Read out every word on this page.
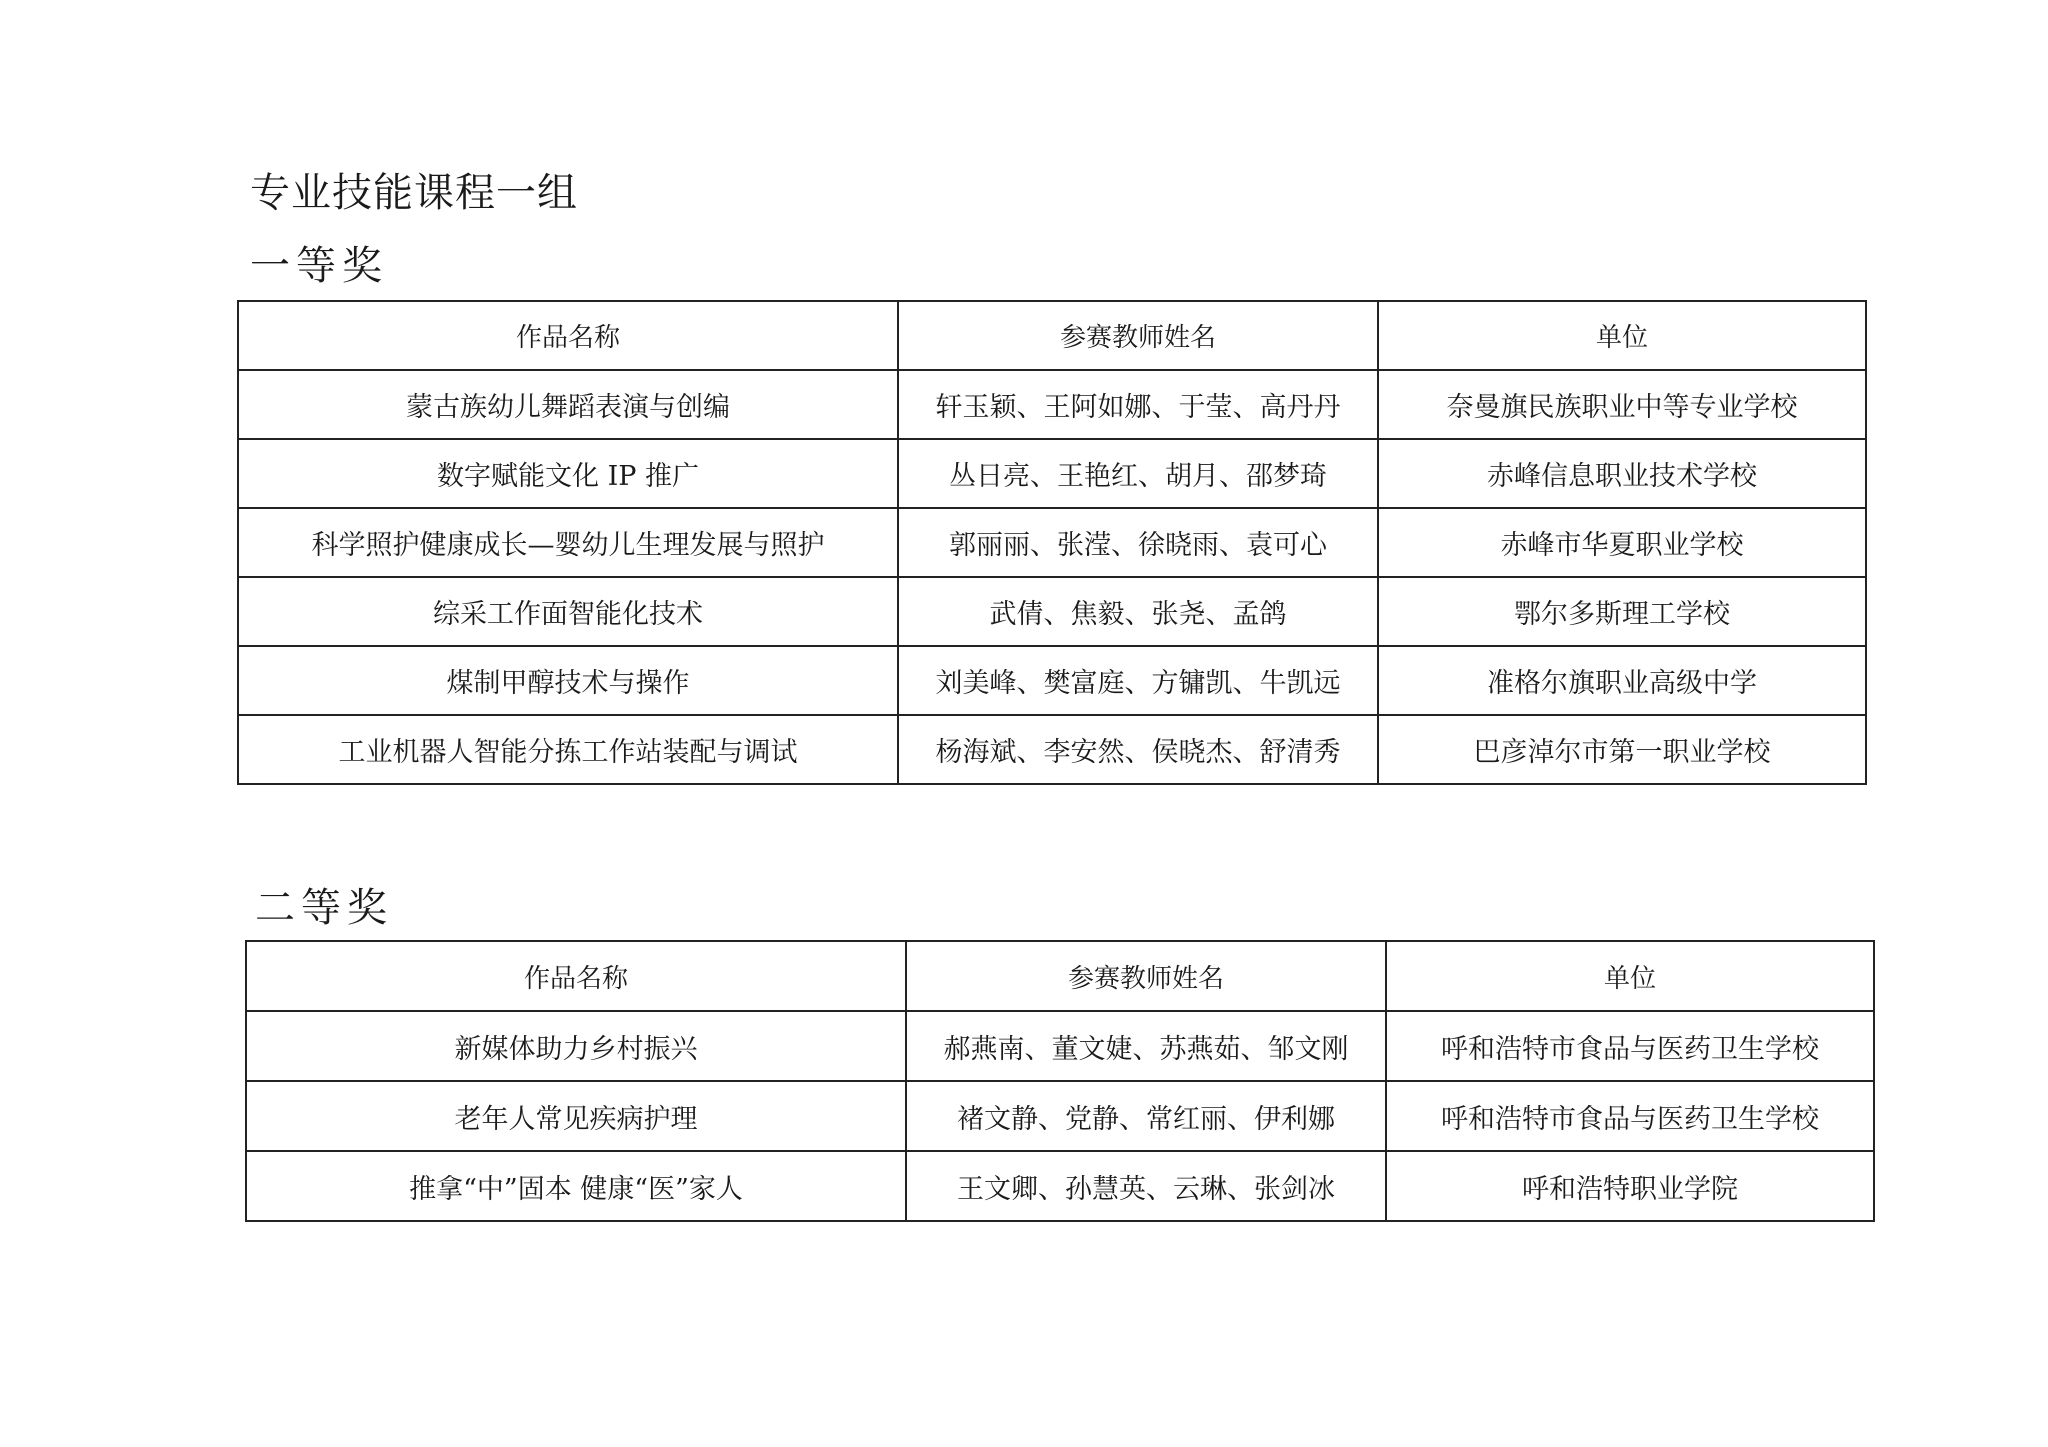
专业技能课程一组
一等奖
作品名称	参赛教师姓名	单位
蒙古族幼儿舞蹈表演与创编	轩玉颖、王阿如娜、于莹、高丹丹	奈曼旗民族职业中等专业学校
数字赋能文化 IP 推广	丛日亮、王艳红、胡月、邵梦琦	赤峰信息职业技术学校
科学照护健康成长—婴幼儿生理发展与照护	郭丽丽、张滢、徐晓雨、袁可心	赤峰市华夏职业学校
综采工作面智能化技术	武倩、焦毅、张尧、孟鸽	鄂尔多斯理工学校
煤制甲醇技术与操作	刘美峰、樊富庭、方镛凯、牛凯远	准格尔旗职业高级中学
工业机器人智能分拣工作站装配与调试	杨海斌、李安然、侯晓杰、舒清秀	巴彦淖尔市第一职业学校
二等奖
作品名称	参赛教师姓名	单位
新媒体助力乡村振兴	郝燕南、董文婕、苏燕茹、邹文刚	呼和浩特市食品与医药卫生学校
老年人常见疾病护理	褚文静、党静、常红丽、伊利娜	呼和浩特市食品与医药卫生学校
推拿“中”固本 健康“医”家人	王文卿、孙慧英、云琳、张剑冰	呼和浩特职业学院
